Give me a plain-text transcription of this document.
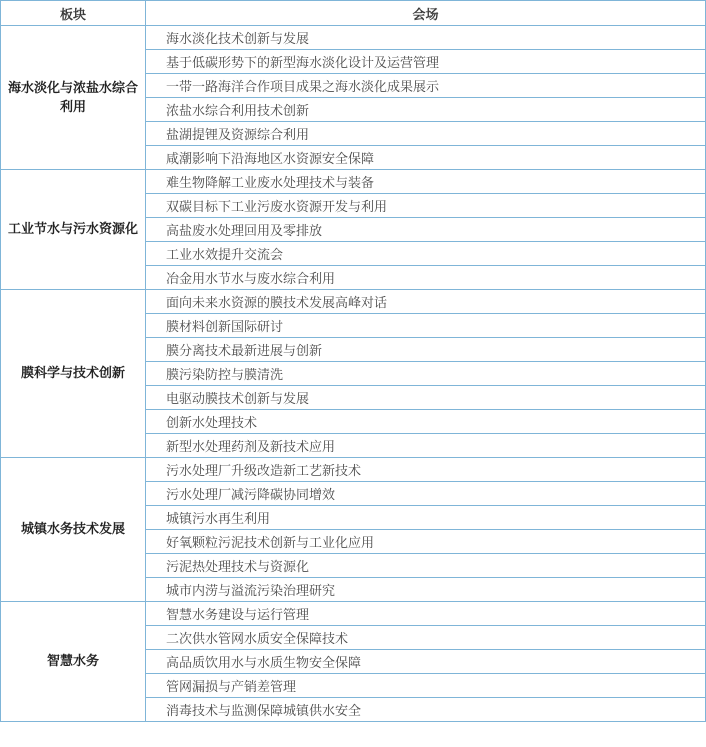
板块	会场
海水淡化与浓盐水综合利用	海水淡化技术创新与发展
	基于低碳形势下的新型海水淡化设计及运营管理
	一带一路海洋合作项目成果之海水淡化成果展示
	浓盐水综合利用技术创新
	盐湖提锂及资源综合利用
	咸潮影响下沿海地区水资源安全保障
工业节水与污水资源化	难生物降解工业废水处理技术与装备
	双碳目标下工业污废水资源开发与利用
	高盐废水处理回用及零排放
	工业水效提升交流会
	冶金用水节水与废水综合利用
膜科学与技术创新	面向未来水资源的膜技术发展高峰对话
	膜材料创新国际研讨
	膜分离技术最新进展与创新
	膜污染防控与膜清洗
	电驱动膜技术创新与发展
	创新水处理技术
	新型水处理药剂及新技术应用
城镇水务技术发展	污水处理厂升级改造新工艺新技术
	污水处理厂减污降碳协同增效
	城镇污水再生利用
	好氧颗粒污泥技术创新与工业化应用
	污泥热处理技术与资源化
	城市内涝与溢流污染治理研究
智慧水务	智慧水务建设与运行管理
	二次供水管网水质安全保障技术
	高品质饮用水与水质生物安全保障
	管网漏损与产销差管理
	消毒技术与监测保障城镇供水安全
